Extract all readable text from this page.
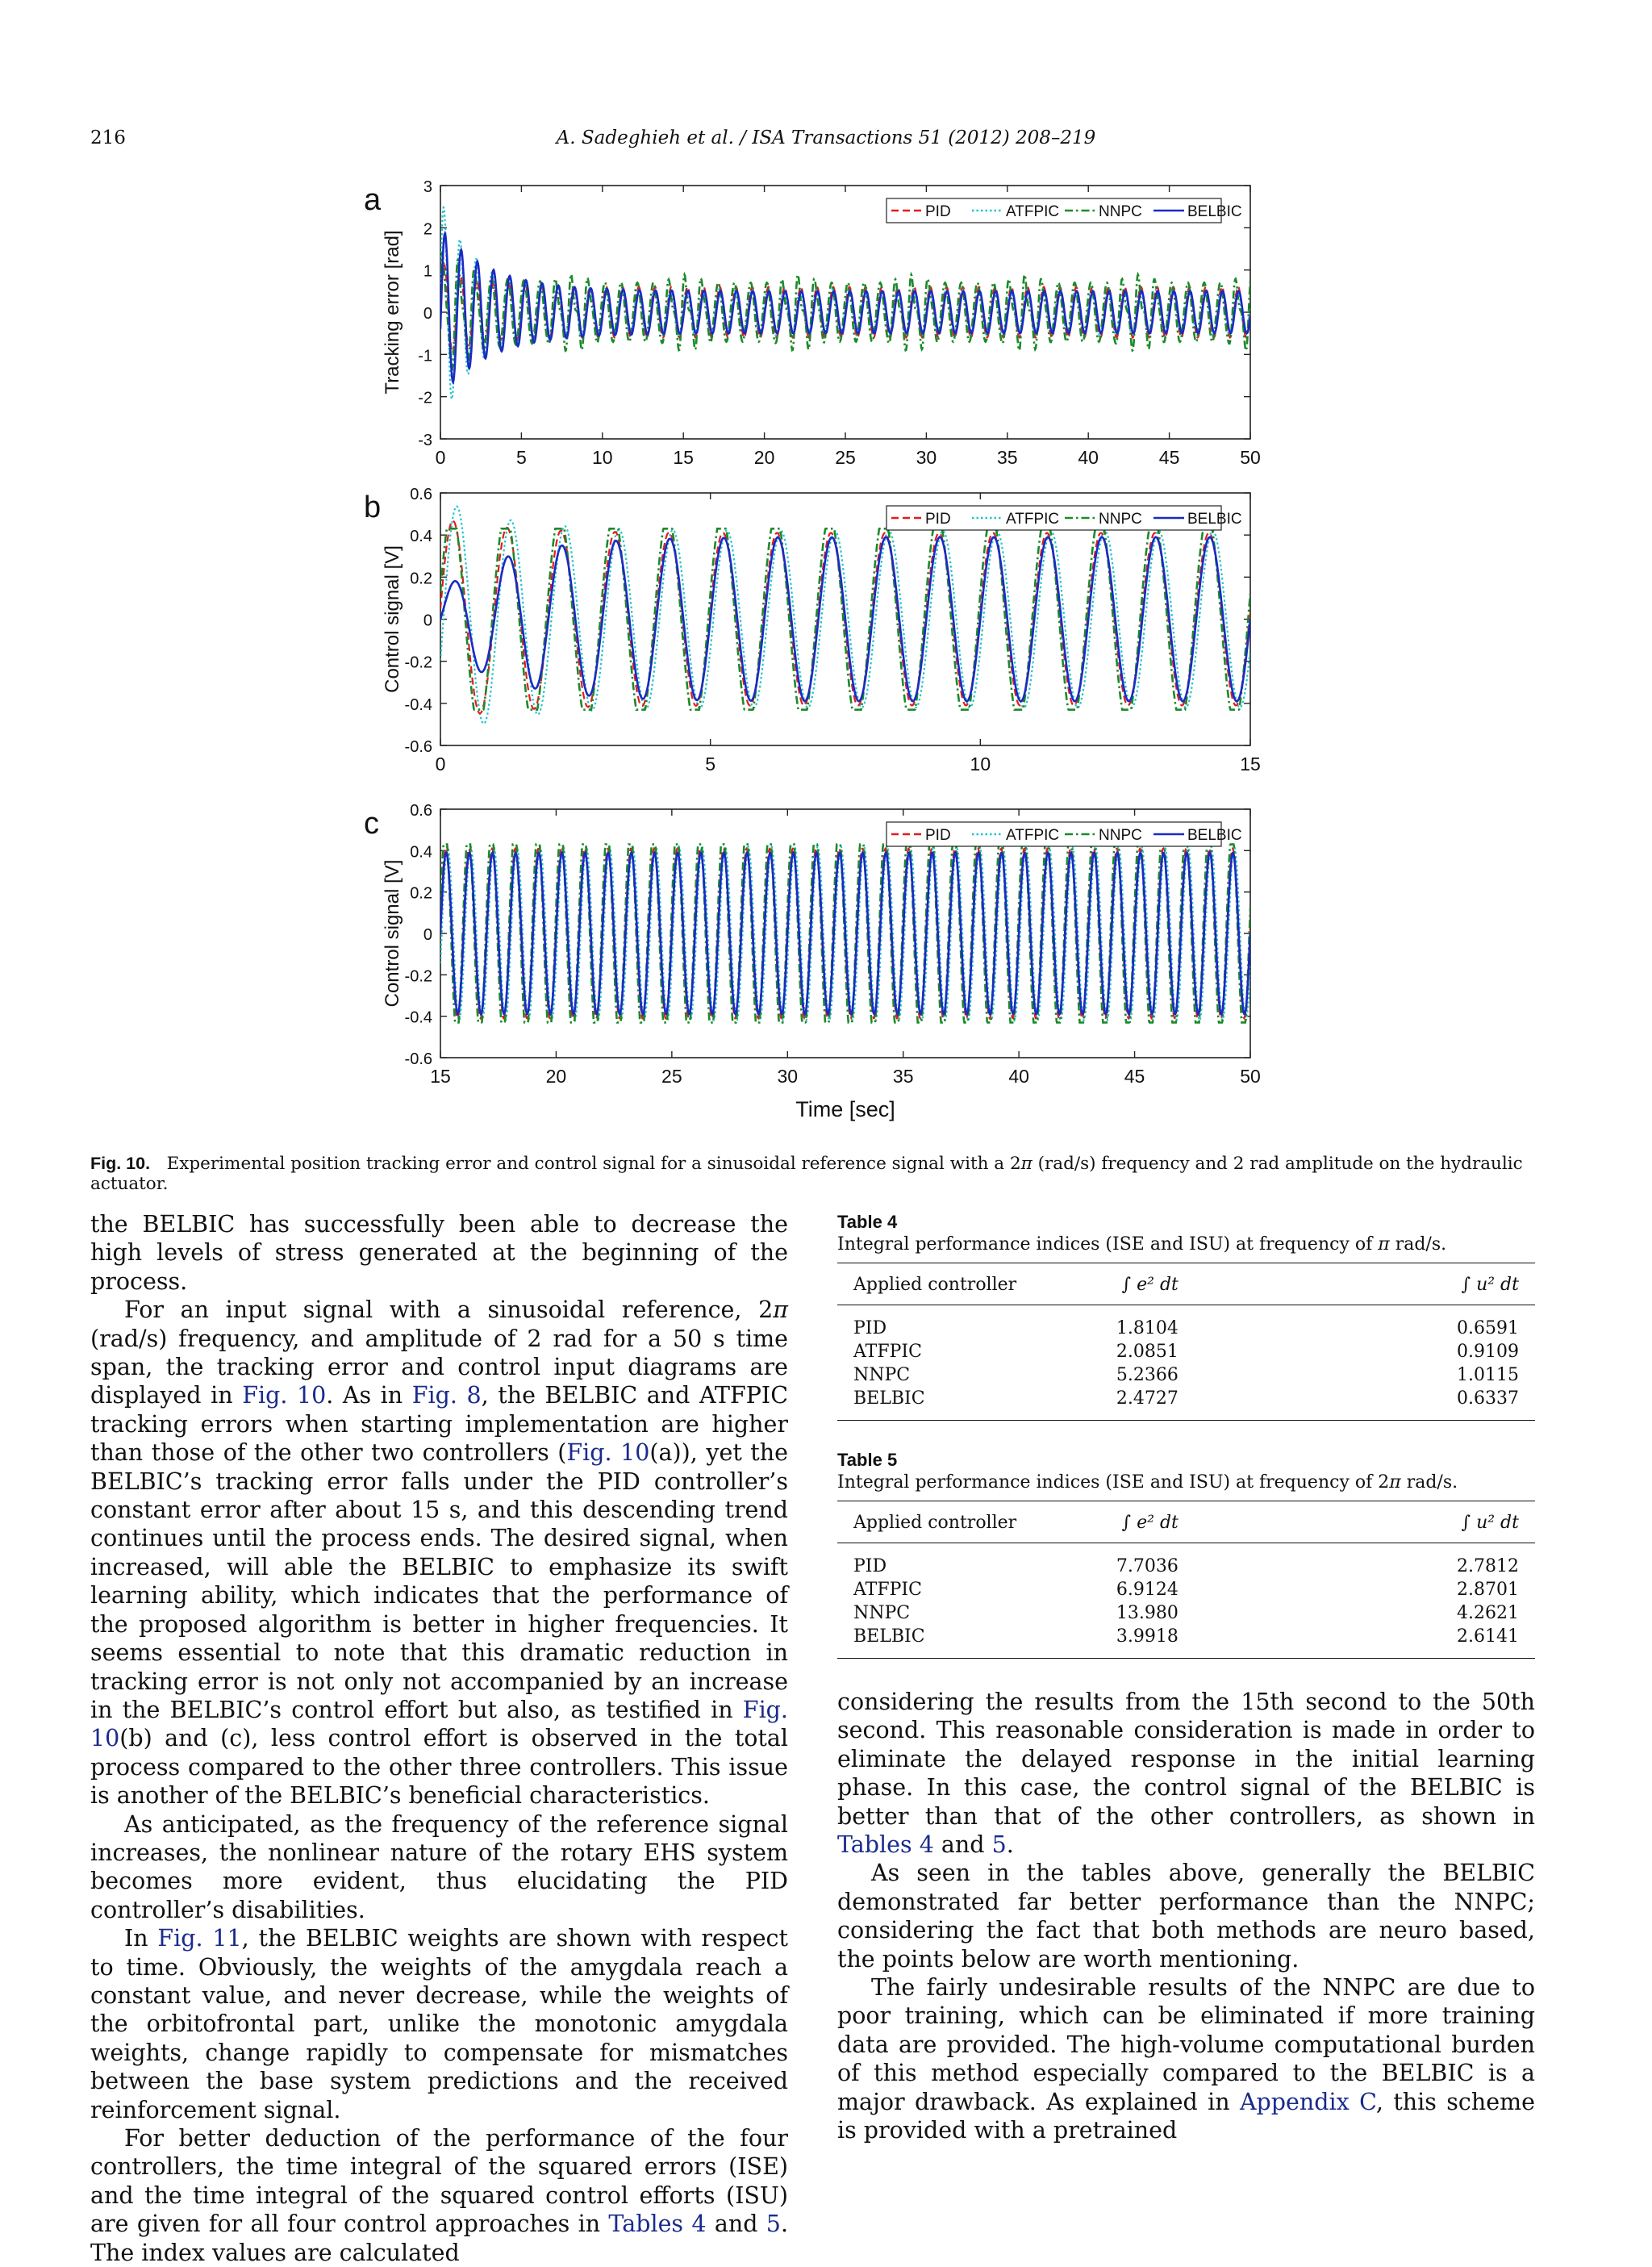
216	A. Sadeghieh et al. / ISA Transactions 51 (2012) 208–219
0	5	10	15	20	25	30	35	40	45	50
-3
-2
-1
0
1
2
3
a
Tracking error [rad]
PID	ATFPIC	NNPC	BELBIC
0	5	10	15
-0.6
-0.4
-0.2
0
0.2
0.4
0.6
b
Control signal [V]
PID	ATFPIC	NNPC	BELBIC
15	20	25	30	35	40	45	50
-0.6
-0.4
-0.2
0
0.2
0.4
0.6
c
Control signal [V]
Time [sec]
PID	ATFPIC	NNPC	BELBIC
Fig. 10. Experimental position tracking error and control signal for a sinusoidal reference signal with a 2π (rad/s) frequency and 2 rad amplitude on the hydraulic actuator.

the BELBIC has successfully been able to decrease the high levels of stress generated at the beginning of the process.

For an input signal with a sinusoidal reference, 2π (rad/s) frequency, and amplitude of 2 rad for a 50 s time span, the tracking error and control input diagrams are displayed in Fig. 10. As in Fig. 8, the BELBIC and ATFPIC tracking errors when starting implementation are higher than those of the other two controllers (Fig. 10(a)), yet the BELBIC’s tracking error falls under the PID controller’s constant error after about 15 s, and this descending trend continues until the process ends. The desired signal, when increased, will able the BELBIC to emphasize its swift learning ability, which indicates that the performance of the proposed algorithm is better in higher frequencies. It seems essential to note that this dramatic reduction in tracking error is not only not accompanied by an increase in the BELBIC’s control effort but also, as testified in Fig. 10(b) and (c), less control effort is observed in the total process compared to the other three controllers. This issue is another of the BELBIC’s beneficial characteristics.

As anticipated, as the frequency of the reference signal increases, the nonlinear nature of the rotary EHS system becomes more evident, thus elucidating the PID controller’s disabilities.

In Fig. 11, the BELBIC weights are shown with respect to time. Obviously, the weights of the amygdala reach a constant value, and never decrease, while the weights of the orbitofrontal part, unlike the monotonic amygdala weights, change rapidly to compensate for mismatches between the base system predictions and the received reinforcement signal.

For better deduction of the performance of the four controllers, the time integral of the squared errors (ISE) and the time integral of the squared control efforts (ISU) are given for all four control approaches in Tables 4 and 5. The index values are calculated

Table 4
Integral performance indices (ISE and ISU) at frequency of π rad/s.
Applied controller	∫ e² dt	∫ u² dt
PID	1.8104	0.6591
ATFPIC	2.0851	0.9109
NNPC	5.2366	1.0115
BELBIC	2.4727	0.6337
Table 5
Integral performance indices (ISE and ISU) at frequency of 2π rad/s.
Applied controller	∫ e² dt	∫ u² dt
PID	7.7036	2.7812
ATFPIC	6.9124	2.8701
NNPC	13.980	4.2621
BELBIC	3.9918	2.6141

considering the results from the 15th second to the 50th second. This reasonable consideration is made in order to eliminate the delayed response in the initial learning phase. In this case, the control signal of the BELBIC is better than that of the other controllers, as shown in Tables 4 and 5.

As seen in the tables above, generally the BELBIC demonstrated far better performance than the NNPC; considering the fact that both methods are neuro based, the points below are worth mentioning.

The fairly undesirable results of the NNPC are due to poor training, which can be eliminated if more training data are provided. The high-volume computational burden of this method especially compared to the BELBIC is a major drawback. As explained in Appendix C, this scheme is provided with a pretrained
